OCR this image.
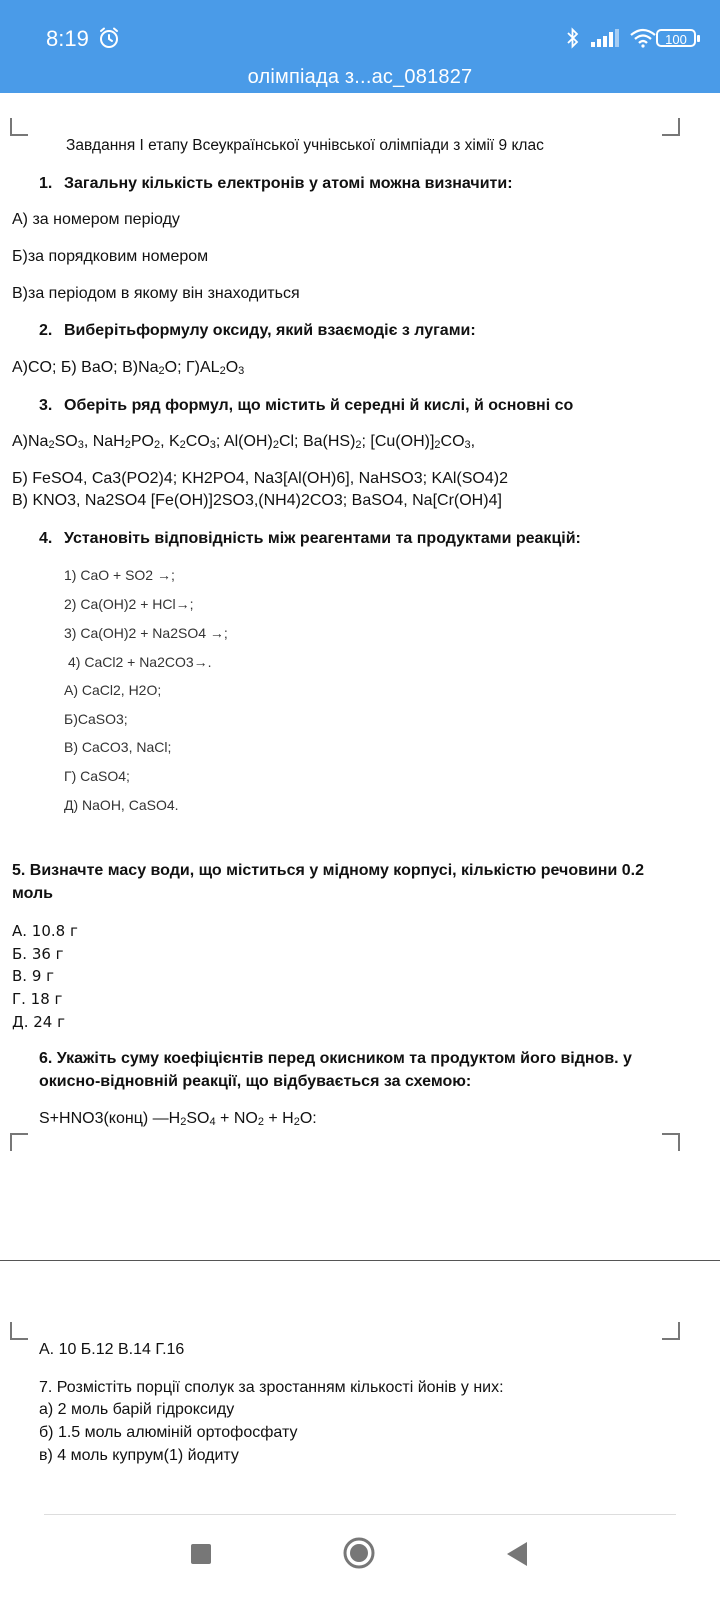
8:19	100
олімпіада з...ас_081827
Завдання І етапу Всеукраїнської учнівської олімпіади з хімії 9 клас
1. Загальну кількість електронів у атомі можна визначити:
А) за номером періоду
Б)за порядковим номером
В)за періодом в якому він знаходиться
2. Виберітьформулу оксиду, який взаємодіє з лугами:
А)CO; Б) BaO; $В)Na_2O$; $Г)AL_2O_3$
3. Оберіть ряд формул, що містить й середні й кислі, й основні со
$А)Na_2SO_3$, $NaH_2PO_2$, $K_2CO_3$; $Al(OH)_2Cl$; $Ba(HS)_2$; $[Cu(OH)]_2CO_3$,
Б) FeSO4, Ca3(PO2)4; KH2PO4, Na3[Al(OH)6], NaHSO3; KAl(SO4)2
В) KNO3, Na2SO4 [Fe(OH)]2SO3,(NH4)2CO3; BaSO4, Na[Cr(OH)4]
4. Установіть відповідність між реагентами та продуктами реакцій:
1) CaO + SO2 →;
2) Ca(OH)2 + HCl→;
3) Ca(OH)2 + Na2SO4 →;
4) CaCl2 + Na2CO3→.
А) CaCl2, H2O;
Б)CaSO3;
В) CaCO3, NaCl;
Г) CaSO4;
Д) NaOH, CaSO4.
5. Визначте масу води, що міститься у мідному корпусі, кількістю речовини 0.2
моль
А. 10.8 г
Б. 36 г
В. 9 г
Г. 18 г
Д. 24 г
6. Укажіть суму коефіцієнтів перед окисником та продуктом його віднов. у
окисно-відновній реакції, що відбувається за схемою:
S+HNO3(конц) $—H_2SO_4 + NO_2 + H_2O$:
А. 10 Б.12 В.14 Г.16
7. Розмістіть порції сполук за зростанням кількості йонів у них:
а) 2 моль барій гідроксиду
б) 1.5 моль алюміній ортофосфату
в) 4 моль купрум(1) йодиту
